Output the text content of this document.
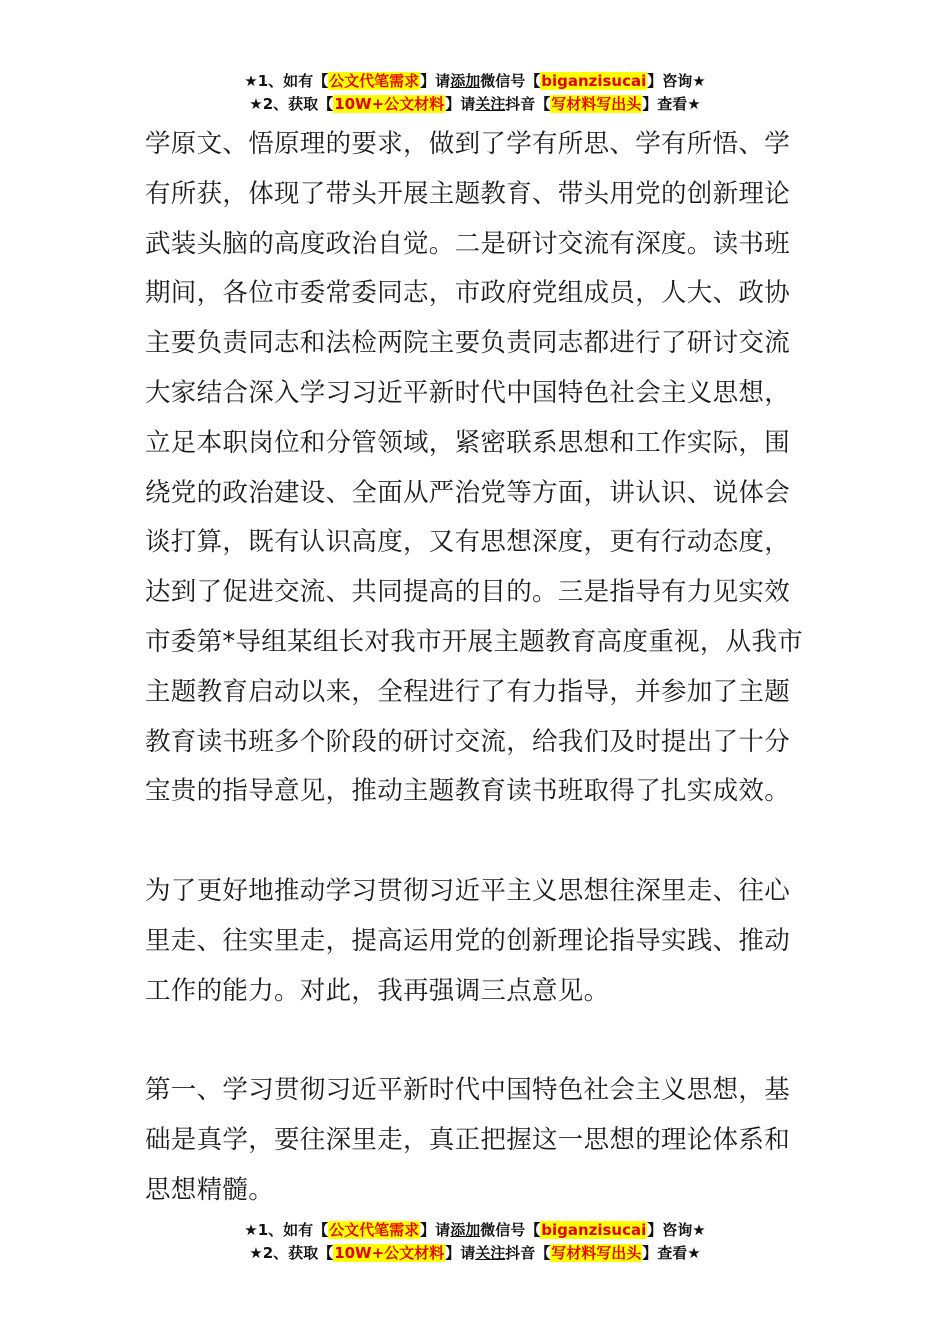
★1、如有【公文代笔需求】请添加微信号【biganzisucai】咨询★
★2、获取【10W+公文材料】请关注抖音【写材料写出头】查看★
学原文、悟原理的要求，做到了学有所思、学有所悟、学
有所获，体现了带头开展主题教育、带头用党的创新理论
武装头脑的高度政治自觉。二是研讨交流有深度。读书班
期间，各位市委常委同志，市政府党组成员，人大、政协
主要负责同志和法检两院主要负责同志都进行了研讨交流
大家结合深入学习习近平新时代中国特色社会主义思想，
立足本职岗位和分管领域，紧密联系思想和工作实际，围
绕党的政治建设、全面从严治党等方面，讲认识、说体会
谈打算，既有认识高度，又有思想深度，更有行动态度，
达到了促进交流、共同提高的目的。三是指导有力见实效
市委第*导组某组长对我市开展主题教育高度重视，从我市
主题教育启动以来，全程进行了有力指导，并参加了主题
教育读书班多个阶段的研讨交流，给我们及时提出了十分
宝贵的指导意见，推动主题教育读书班取得了扎实成效。
为了更好地推动学习贯彻习近平主义思想往深里走、往心
里走、往实里走，提高运用党的创新理论指导实践、推动
工作的能力。对此，我再强调三点意见。
第一、学习贯彻习近平新时代中国特色社会主义思想，基
础是真学，要往深里走，真正把握这一思想的理论体系和
思想精髓。
★1、如有【公文代笔需求】请添加微信号【biganzisucai】咨询★
★2、获取【10W+公文材料】请关注抖音【写材料写出头】查看★
